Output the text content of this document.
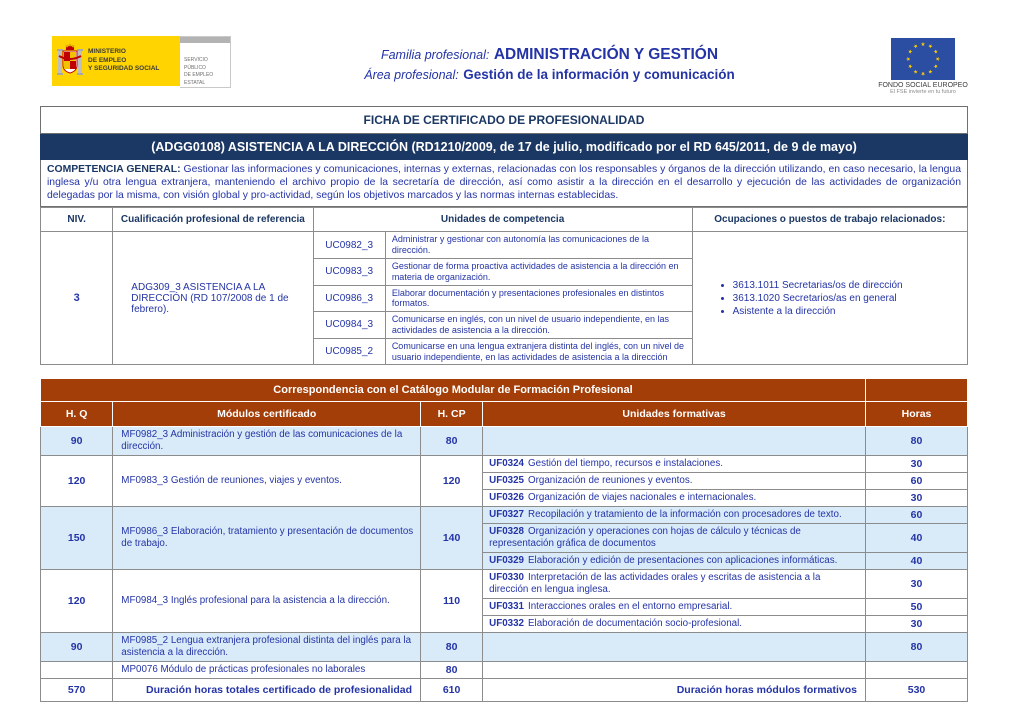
MINISTERIO
DE EMPLEO
Y SEGURIDAD SOCIAL
SERVICIO PÚBLICO
DE EMPLEO ESTATAL
Familia profesional: ADMINISTRACIÓN Y GESTIÓN
Área profesional: Gestión de la información y comunicación
★
★
★
★
★
★
★
★
★
★
★
★
FONDO SOCIAL EUROPEO
El FSE invierte en tu futuro
FICHA DE CERTIFICADO DE PROFESIONALIDAD
(ADGG0108) ASISTENCIA A LA DIRECCIÓN (RD1210/2009, de 17 de julio, modificado por el RD 645/2011, de 9 de mayo)
COMPETENCIA GENERAL: Gestionar las informaciones y comunicaciones, internas y externas, relacionadas con los responsables y órganos de la dirección utilizando, en caso necesario, la lengua inglesa y/u otra lengua extranjera, manteniendo el archivo propio de la secretaría de dirección, así como asistir a la dirección en el desarrollo y ejecución de las actividades de organización delegadas por la misma, con visión global y pro-actividad, según los objetivos marcados y las normas internas establecidas.
NIV.	Cualificación profesional de referencia	Unidades de competencia		Ocupaciones o puestos de trabajo relacionados:
3	ADG309_3 ASISTENCIA A LA DIRECCIÓN (RD 107/2008 de 1 de febrero).	UC0982_3	Administrar y gestionar con autonomía las comunicaciones de la dirección.	
• 3613.1011 Secretarias/os de dirección
• 3613.1020 Secretarios/as en general
• Asistente a la dirección

		UC0983_3	Gestionar de forma proactiva actividades de asistencia a la dirección en materia de organización.	
		UC0986_3	Elaborar documentación y presentaciones profesionales en distintos formatos.	
		UC0984_3	Comunicarse en inglés, con un nivel de usuario independiente, en las actividades de asistencia a la dirección.	
		UC0985_2	Comunicarse en una lengua extranjera distinta del inglés, con un nivel de usuario independiente, en las actividades de asistencia a la dirección	
Correspondencia con el Catálogo Modular de Formación Profesional				
H. Q	Módulos certificado	H. CP	Unidades formativas	Horas
90	MF0982_3 Administración y gestión de las comunicaciones de la dirección.	80		80
120	MF0983_3 Gestión de reuniones, viajes y eventos.	120	UF0324 Gestión del tiempo, recursos e instalaciones.	30
			UF0325 Organización de reuniones y eventos.	60
			UF0326 Organización de viajes nacionales e internacionales.	30
150	MF0986_3 Elaboración, tratamiento y presentación de documentos de trabajo.	140	UF0327 Recopilación y tratamiento de la información con procesadores de texto.	60
			UF0328 Organización y operaciones con hojas de cálculo y técnicas de representación gráfica de documentos	40
			UF0329 Elaboración y edición de presentaciones con aplicaciones informáticas.	40
120	MF0984_3 Inglés profesional para la asistencia a la dirección.	110	UF0330 Interpretación de las actividades orales y escritas de asistencia a la dirección en lengua inglesa.	30
			UF0331 Interacciones orales en el entorno empresarial.	50
			UF0332 Elaboración de documentación socio-profesional.	30
90	MF0985_2 Lengua extranjera profesional distinta del inglés para la asistencia a la dirección.	80		80
	MP0076 Módulo de prácticas profesionales no laborales	80		
570	Duración horas totales certificado de profesionalidad	610	Duración horas módulos formativos	530
